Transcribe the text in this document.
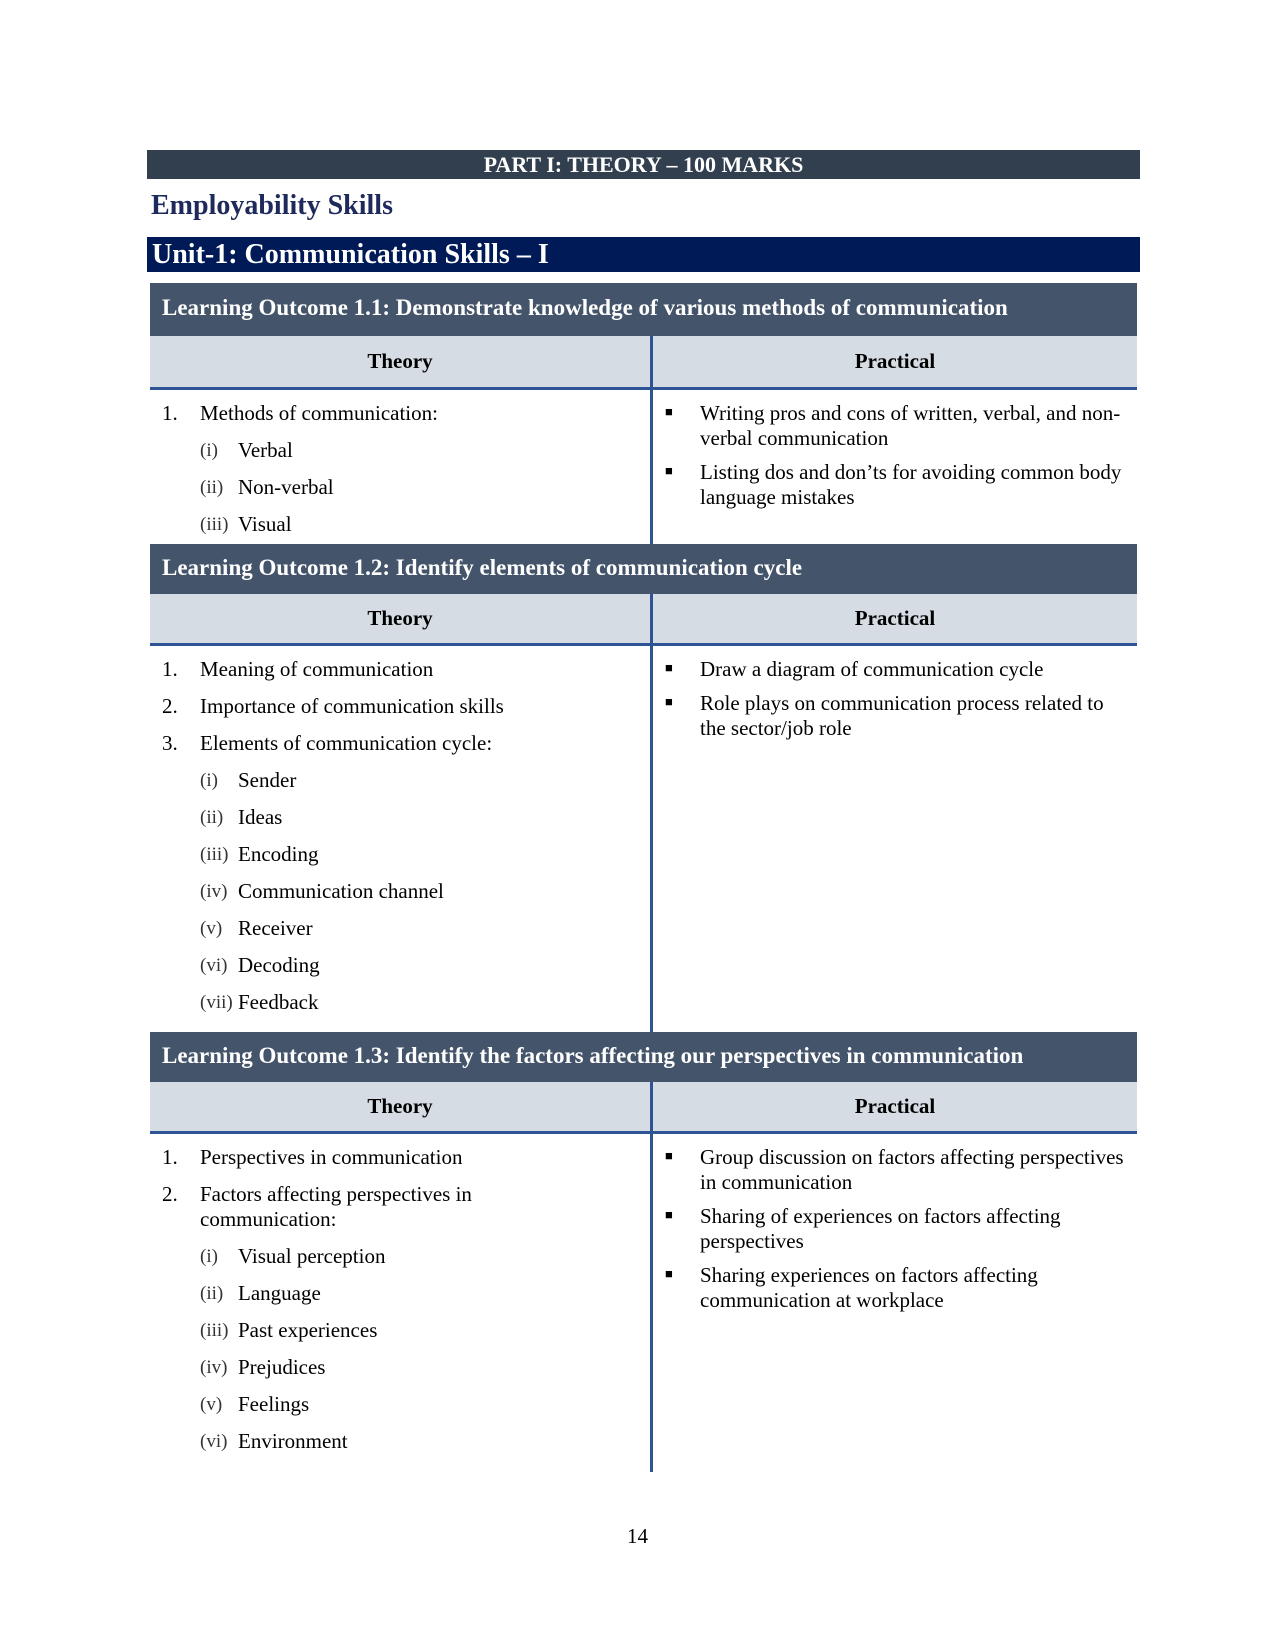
PART I: THEORY – 100 MARKS
Employability Skills
Unit-1: Communication Skills – I
Learning Outcome 1.1: Demonstrate knowledge of various methods of communication
Theory	Practical
1.	Methods of communication:
(i) Verbal
(ii) Non-verbal
(iii) Visual
■	Writing pros and cons of written, verbal, and non-verbal communication
■	Listing dos and don’ts for avoiding common body language mistakes
Learning Outcome 1.2: Identify elements of communication cycle
Theory	Practical
1.	Meaning of communication
2.	Importance of communication skills
3.	Elements of communication cycle:
(i) Sender
(ii) Ideas
(iii) Encoding
(iv) Communication channel
(v) Receiver
(vi) Decoding
(vii) Feedback
■	Draw a diagram of communication cycle
■	Role plays on communication process related to the sector/job role
Learning Outcome 1.3: Identify the factors affecting our perspectives in communication
Theory	Practical
1.	Perspectives in communication
2.	Factors affecting perspectives in communication:
(i) Visual perception
(ii) Language
(iii) Past experiences
(iv) Prejudices
(v) Feelings
(vi) Environment
■	Group discussion on factors affecting perspectives in communication
■	Sharing of experiences on factors affecting perspectives
■	Sharing experiences on factors affecting communication at workplace
14
